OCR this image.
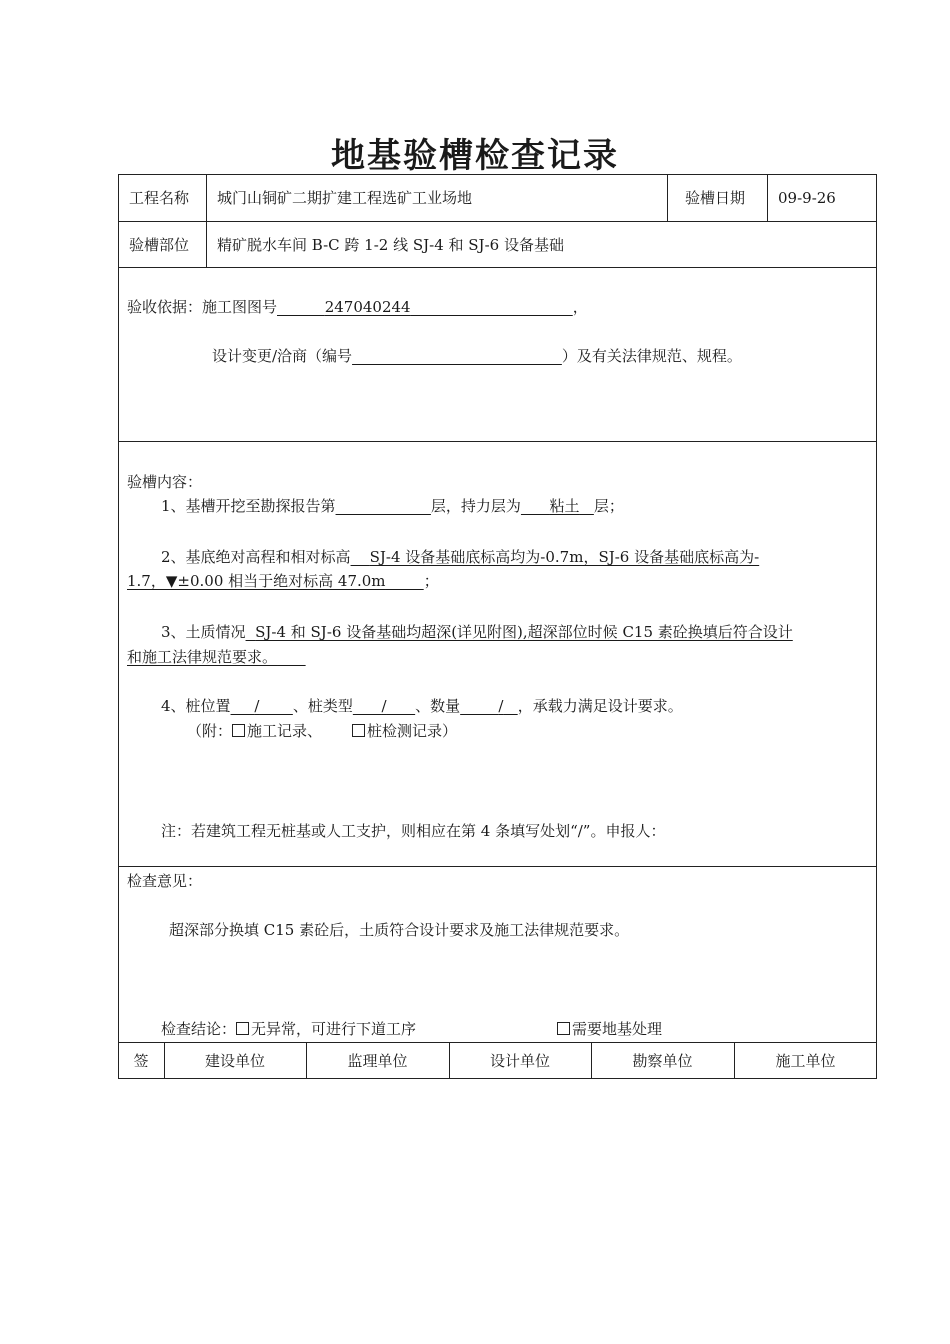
地基验槽检查记录
工程名称 城门山铜矿二期扩建工程选矿工业场地	验槽日期 09-9-26
验槽部位 精矿脱水车间 B-C 跨 1-2 线 SJ-4 和 SJ-6 设备基础
验收依据：施工图图号	247040244	，
设计变更/洽商（编号	）及有关法律规范、规程。
验槽内容：
1、基槽开挖至勘探报告第	层，持力层为 粘土 层；
2、基底绝对高程和相对标高 SJ-4 设备基础底标高均为-0.7m，SJ-6 设备基础底标高为-
1.7，▼±0.00 相当于绝对标高 47.0m	；
3、土质情况 SJ-4 和 SJ-6 设备基础均超深(详见附图),超深部位时候 C15 素砼换填后符合设计
和施工法律规范要求。
4、桩位置 / 、桩类型 / 、数量	/ ，承载力满足设计要求。
（附： 施工记录、	桩检测记录）
注：若建筑工程无桩基或人工支护，则相应在第 4 条填写处划“/”。申报人：
检查意见：
超深部分换填 C15 素砼后，土质符合设计要求及施工法律规范要求。
检查结论： 无异常，可进行下道工序	需要地基处理
签	建设单位	监理单位	设计单位	勘察单位	施工单位
